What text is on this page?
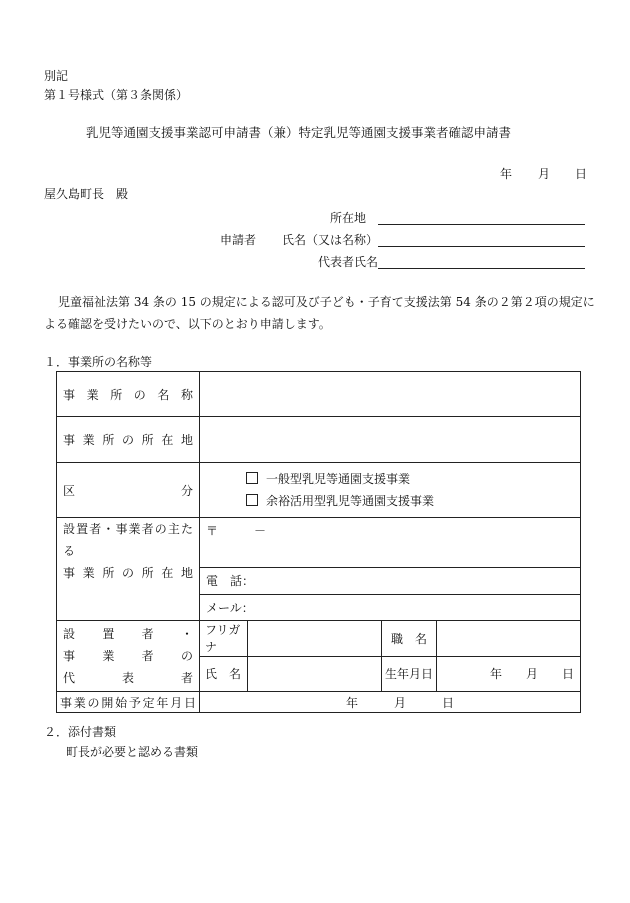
別記
第１号様式（第３条関係）
乳児等通園支援事業認可申請書（兼）特定乳児等通園支援事業者確認申請書
年 月 日
屋久島町長　殿
所在地
申請者 氏名（又は名称）
代表者氏名
児童福祉法第 34 条の 15 の規定による認可及び子ども・子育て支援法第 54 条の２第２項の規定に
よる確認を受けたいので、以下のとおり申請します。
１．事業所の名称等
事業所の名称				

事業所の所在地				

区分	一般型乳児等通園支援事業
余裕活用型乳児等通園支援事業			

設置者・事業者の主たる
事業所の所在地	〒　　　－			
	電　話：			
	メール：			

設置者・
事業者の
代表者	フリガナ		職　名	
	氏　名		生年月日	年　　月　　日

事業の開始予定年月日	年　　　月　　　日			
２．添付書類
町長が必要と認める書類
